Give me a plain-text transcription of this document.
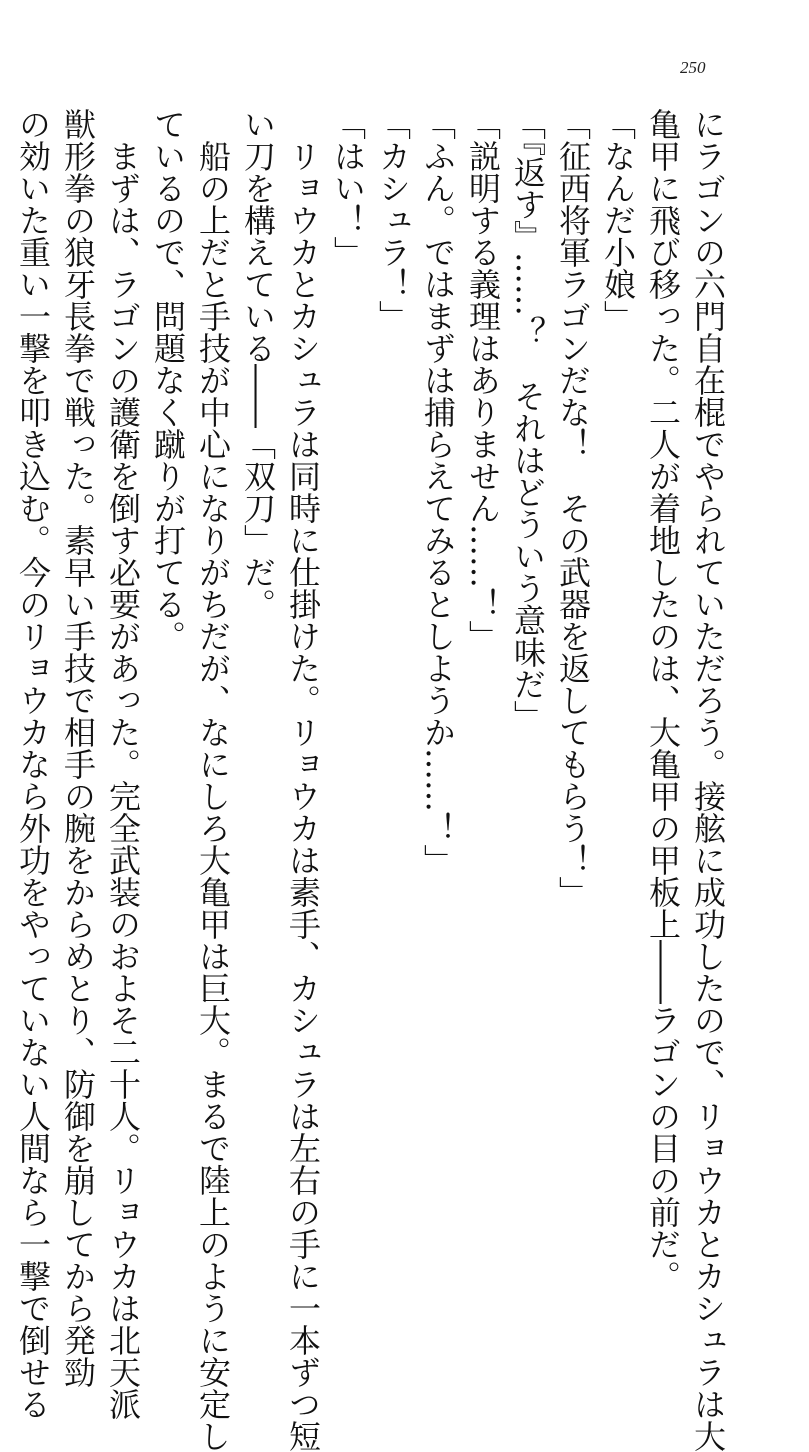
250
にラゴンの六門自在棍でやられていただろう。接舷に成功したので、リョウカとカシュラは大
亀甲に飛び移った。二人が着地したのは、大亀甲の甲板上――ラゴンの目の前だ。
「なんだ小娘」
「征西将軍ラゴンだな！　その武器を返してもらう！」
「『返す』……？　それはどういう意味だ」
「説明する義理はありません……！」
「ふん。ではまずは捕らえてみるとしようか……！」
「カシュラ！」
「はい！」
　リョウカとカシュラは同時に仕掛けた。リョウカは素手、カシュラは左右の手に一本ずつ短
い刀を構えている――「双刀」だ。
　船の上だと手技が中心になりがちだが、なにしろ大亀甲は巨大。まるで陸上のように安定し
ているので、問題なく蹴りが打てる。
　まずは、ラゴンの護衛を倒す必要があった。完全武装のおよそ二十人。リョウカは北天派
獣形拳の狼牙長拳で戦った。素早い手技で相手の腕をからめとり、防御を崩してから発勁
の効いた重い一撃を叩き込む。今のリョウカなら外功をやっていない人間なら一撃で倒せる
